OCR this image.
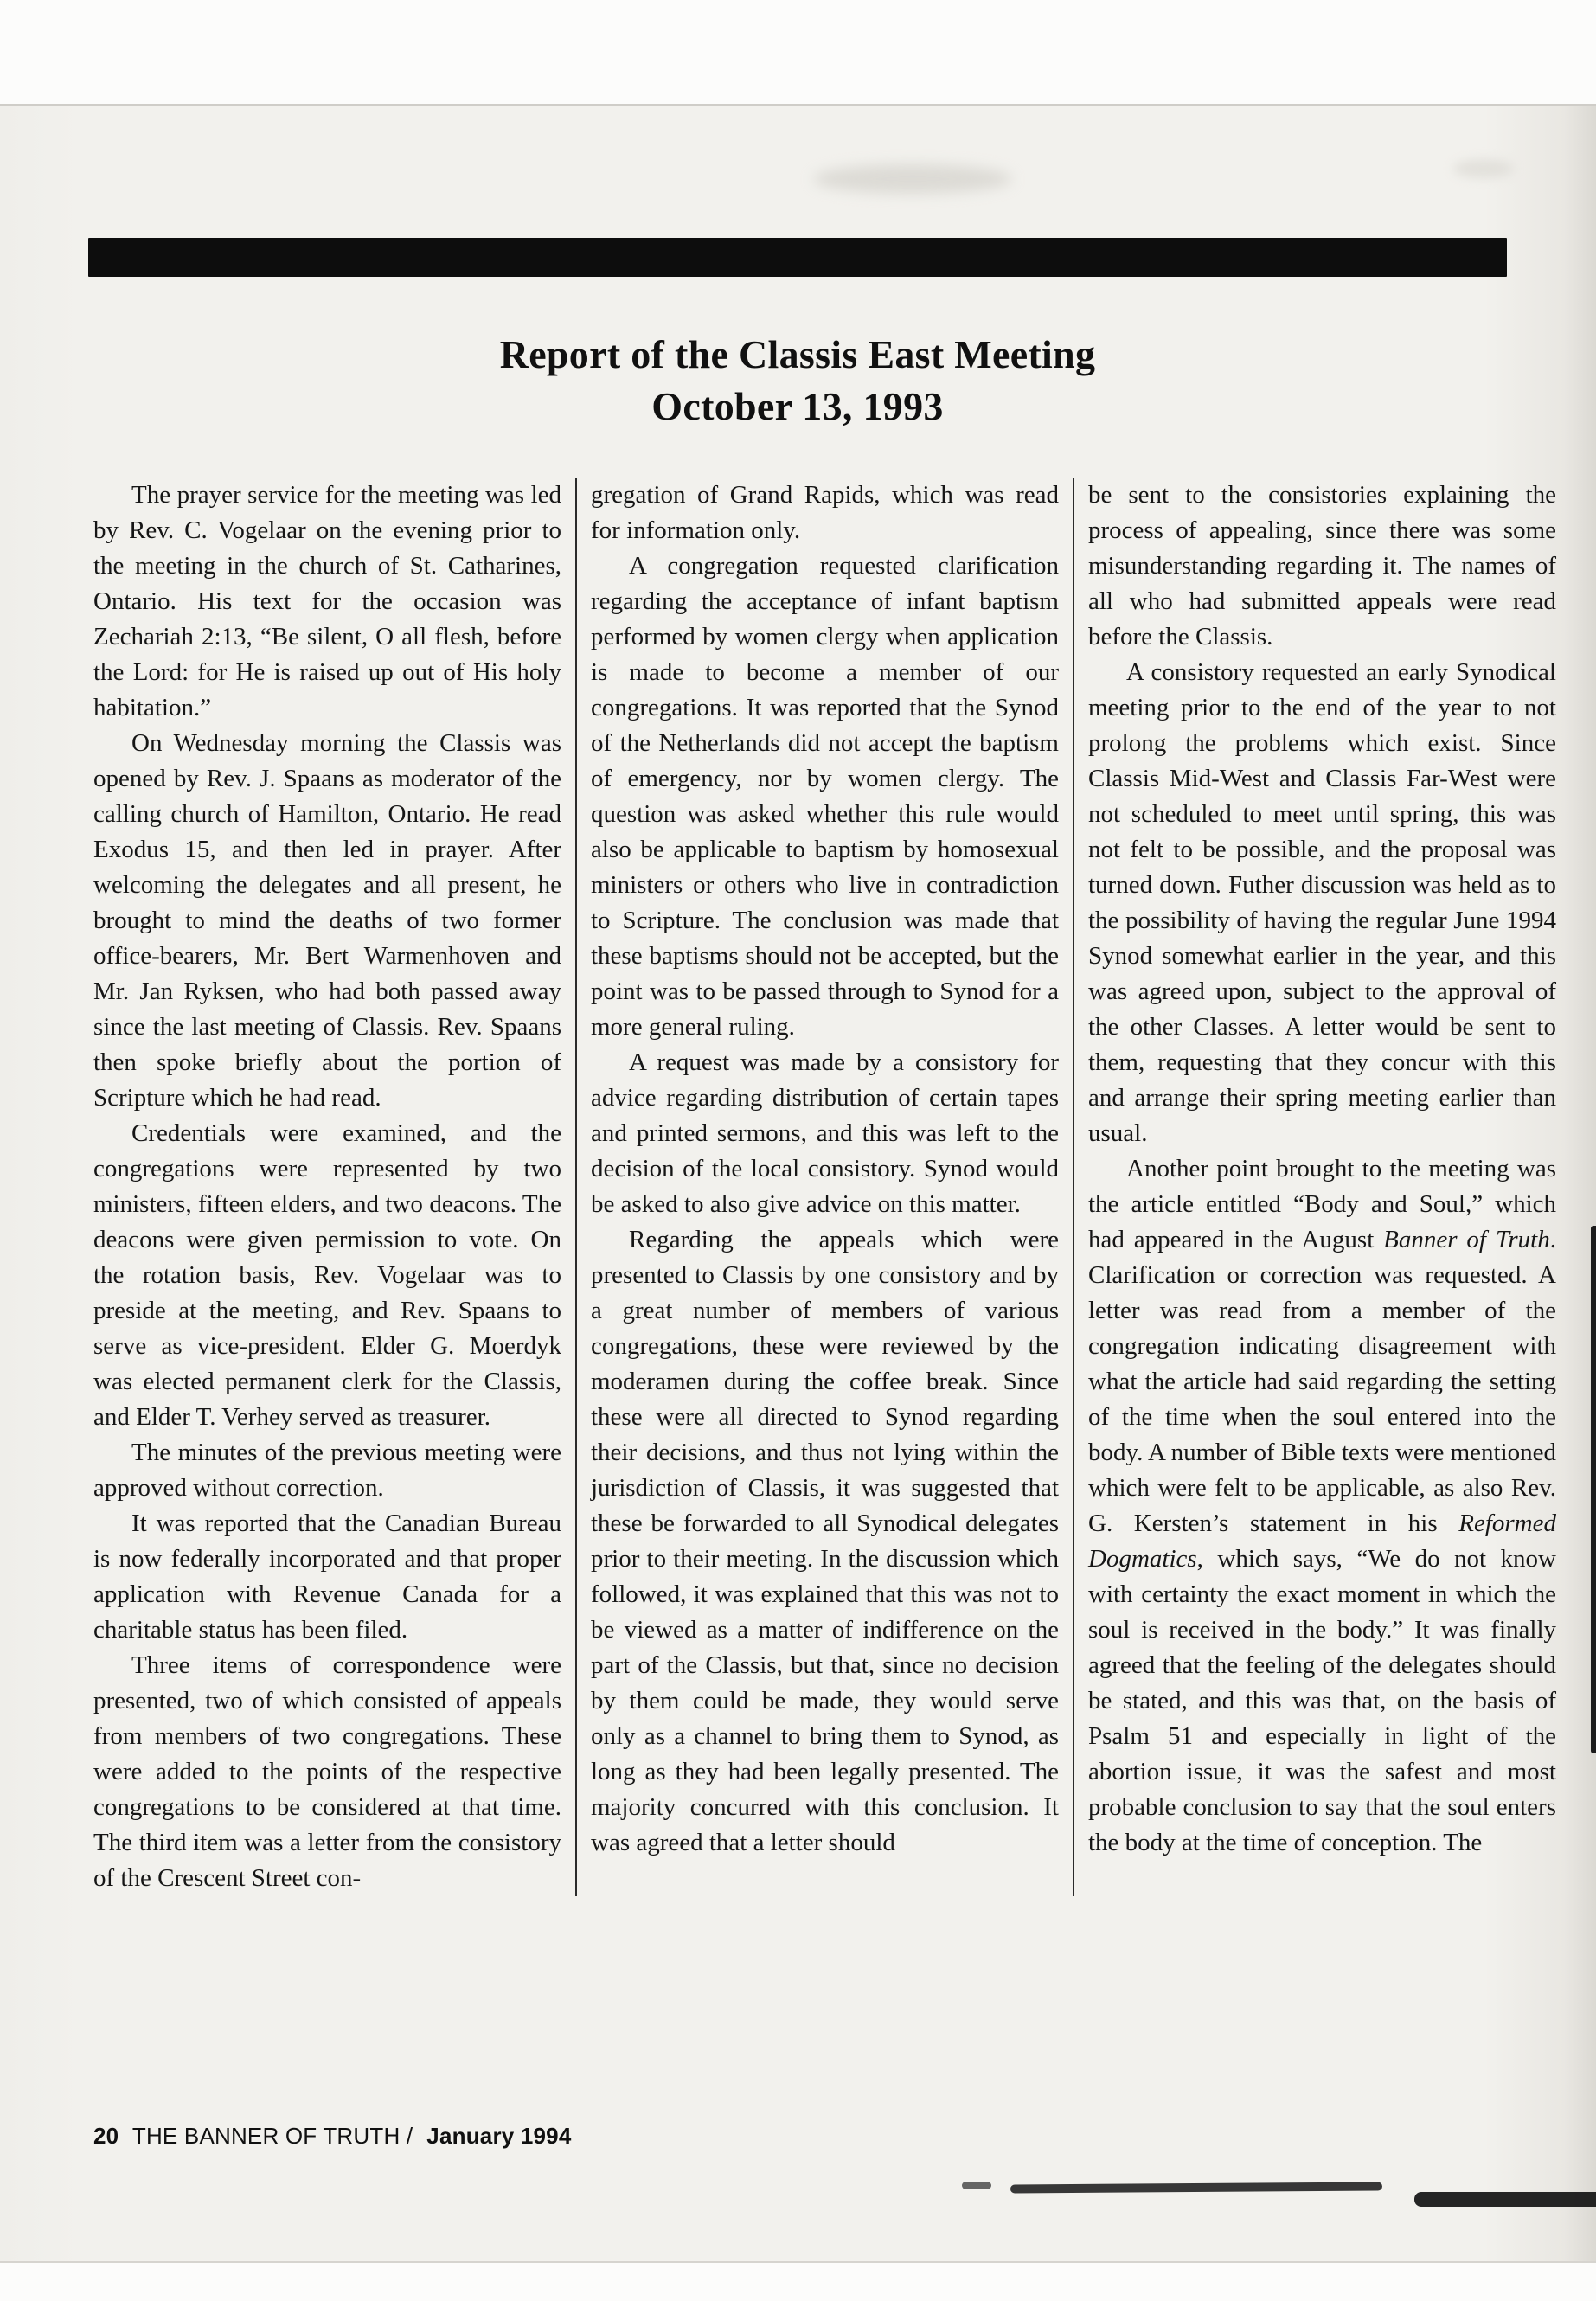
Report of the Classis East Meeting
October 13, 1993

The prayer service for the meeting was led by Rev. C. Vogelaar on the evening prior to the meeting in the church of St. Catharines, Ontario. His text for the occasion was Zechariah 2:13, “Be silent, O all flesh, before the Lord: for He is raised up out of His holy habitation.”

On Wednesday morning the Classis was opened by Rev. J. Spaans as moderator of the calling church of Hamilton, Ontario. He read Exodus 15, and then led in prayer. After welcoming the delegates and all present, he brought to mind the deaths of two former office-bearers, Mr. Bert Warmenhoven and Mr. Jan Ryksen, who had both passed away since the last meeting of Classis. Rev. Spaans then spoke briefly about the portion of Scripture which he had read.

Credentials were examined, and the congregations were represented by two ministers, fifteen elders, and two deacons. The deacons were given permission to vote. On the rotation basis, Rev. Vogelaar was to preside at the meeting, and Rev. Spaans to serve as vice-president. Elder G. Moerdyk was elected permanent clerk for the Classis, and Elder T. Verhey served as treasurer.

The minutes of the previous meeting were approved without correction.

It was reported that the Canadian Bureau is now federally incorporated and that proper application with Revenue Canada for a charitable status has been filed.

Three items of correspondence were presented, two of which consisted of appeals from members of two congregations. These were added to the points of the respective congregations to be considered at that time. The third item was a letter from the consistory of the Crescent Street con-

gregation of Grand Rapids, which was read for information only.

A congregation requested clarification regarding the acceptance of infant baptism performed by women clergy when application is made to become a member of our congregations. It was reported that the Synod of the Netherlands did not accept the baptism of emergency, nor by women clergy. The question was asked whether this rule would also be applicable to baptism by homosexual ministers or others who live in contradiction to Scripture. The conclusion was made that these baptisms should not be accepted, but the point was to be passed through to Synod for a more general ruling.

A request was made by a consistory for advice regarding distribution of certain tapes and printed sermons, and this was left to the decision of the local consistory. Synod would be asked to also give advice on this matter.

Regarding the appeals which were presented to Classis by one consistory and by a great number of members of various congregations, these were reviewed by the moderamen during the coffee break. Since these were all directed to Synod regarding their decisions, and thus not lying within the jurisdiction of Classis, it was suggested that these be forwarded to all Synodical delegates prior to their meeting. In the discussion which followed, it was explained that this was not to be viewed as a matter of indifference on the part of the Classis, but that, since no decision by them could be made, they would serve only as a channel to bring them to Synod, as long as they had been legally presented. The majority concurred with this conclusion. It was agreed that a letter should

be sent to the consistories explaining the process of appealing, since there was some misunderstanding regarding it. The names of all who had submitted appeals were read before the Classis.

A consistory requested an early Synodical meeting prior to the end of the year to not prolong the problems which exist. Since Classis Mid-West and Classis Far-West were not scheduled to meet until spring, this was not felt to be possible, and the proposal was turned down. Futher discussion was held as to the possibility of having the regular June 1994 Synod somewhat earlier in the year, and this was agreed upon, subject to the approval of the other Classes. A letter would be sent to them, requesting that they concur with this and arrange their spring meeting earlier than usual.

Another point brought to the meeting was the article entitled “Body and Soul,” which had appeared in the August Banner of Truth. Clarification or correction was requested. A letter was read from a member of the congregation indicating disagreement with what the article had said regarding the setting of the time when the soul entered into the body. A number of Bible texts were mentioned which were felt to be applicable, as also Rev. G. Kersten’s statement in his Reformed Dogmatics, which says, “We do not know with certainty the exact moment in which the soul is received in the body.” It was finally agreed that the feeling of the delegates should be stated, and this was that, on the basis of Psalm 51 and especially in light of the abortion issue, it was the safest and most probable conclusion to say that the soul enters the body at the time of conception. The

20 THE BANNER OF TRUTH / January 1994
